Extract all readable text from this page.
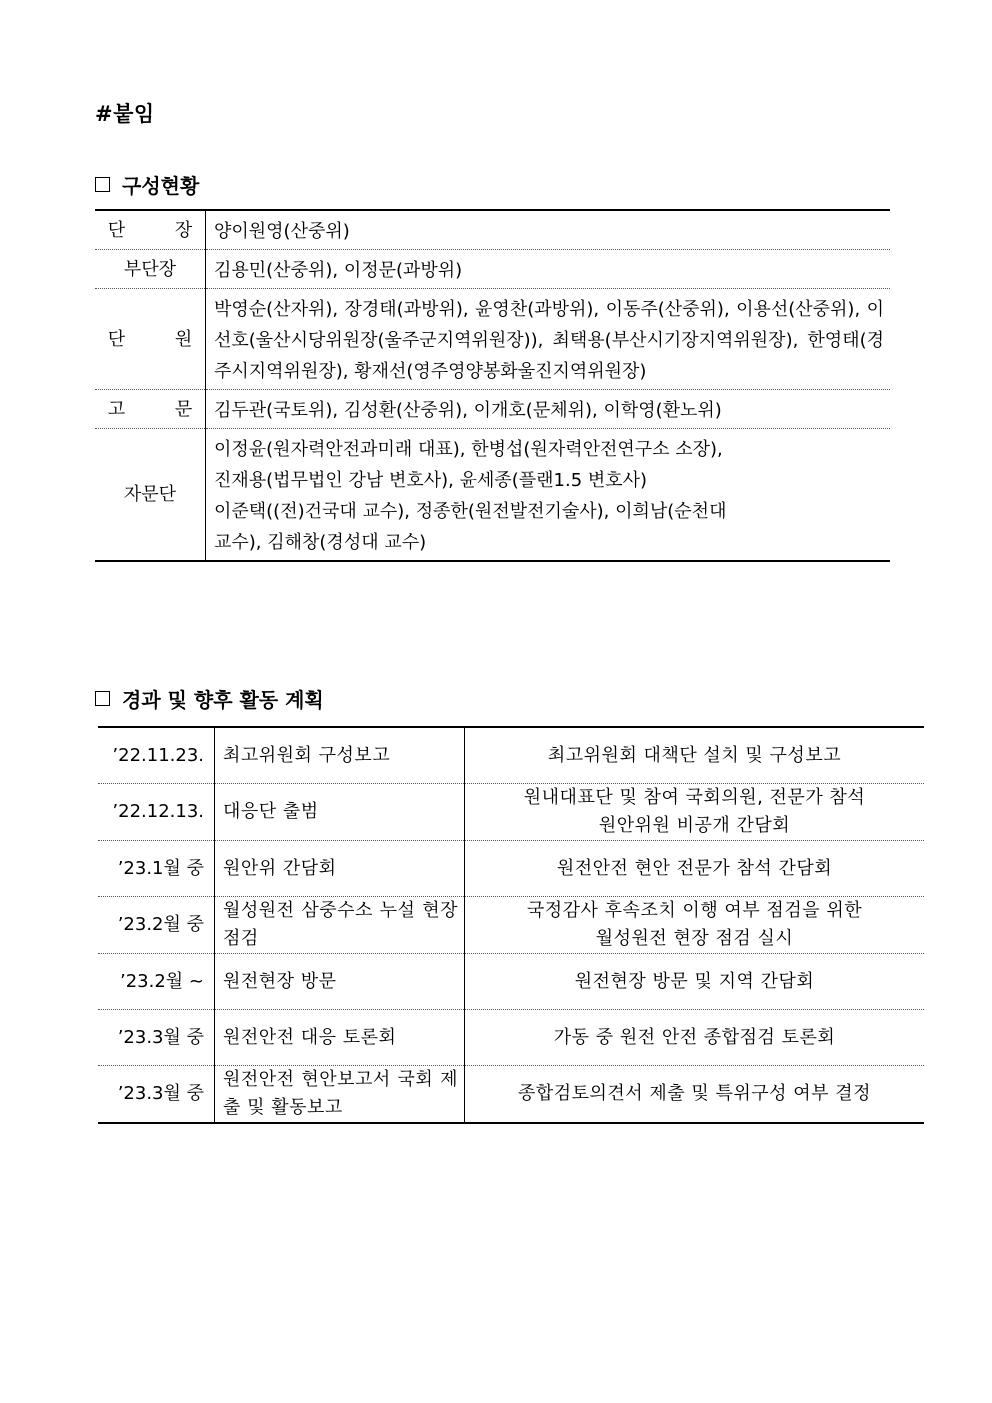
#붙임
구성현황
단 장	양이원영(산중위)
부단장	김용민(산중위), 이정문(과방위)
단 원	박영순(산자위), 장경태(과방위), 윤영찬(과방위), 이동주(산중위), 이용선(산중위), 이선호(울산시당위원장(울주군지역위원장)), 최택용(부산시기장지역위원장), 한영태(경주시지역위원장), 황재선(영주영양봉화울진지역위원장)
고 문	김두관(국토위), 김성환(산중위), 이개호(문체위), 이학영(환노위)
자문단	이정윤(원자력안전과미래 대표), 한병섭(원자력안전연구소 소장),
진재용(법무법인 강남 변호사), 윤세종(플랜1.5 변호사)
이준택((전)건국대 교수), 정종한(원전발전기술사), 이희남(순천대
교수), 김해창(경성대 교수)
경과 및 향후 활동 계획
’22.11.23.	최고위원회 구성보고	최고위원회 대책단 설치 및 구성보고
’22.12.13.	대응단 출범	원내대표단 및 참여 국회의원, 전문가 참석
원안위원 비공개 간담회

’23.1월 중	원안위 간담회	원전안전 현안 전문가 참석 간담회
’23.2월 중	월성원전 삼중수소 누설 현장점검	국정감사 후속조치 이행 여부 점검을 위한
월성원전 현장 점검 실시

’23.2월 ~	원전현장 방문	원전현장 방문 및 지역 간담회
’23.3월 중	원전안전 대응 토론회	가동 중 원전 안전 종합점검 토론회
’23.3월 중	원전안전 현안보고서 국회 제출 및 활동보고	종합검토의견서 제출 및 특위구성 여부 결정
